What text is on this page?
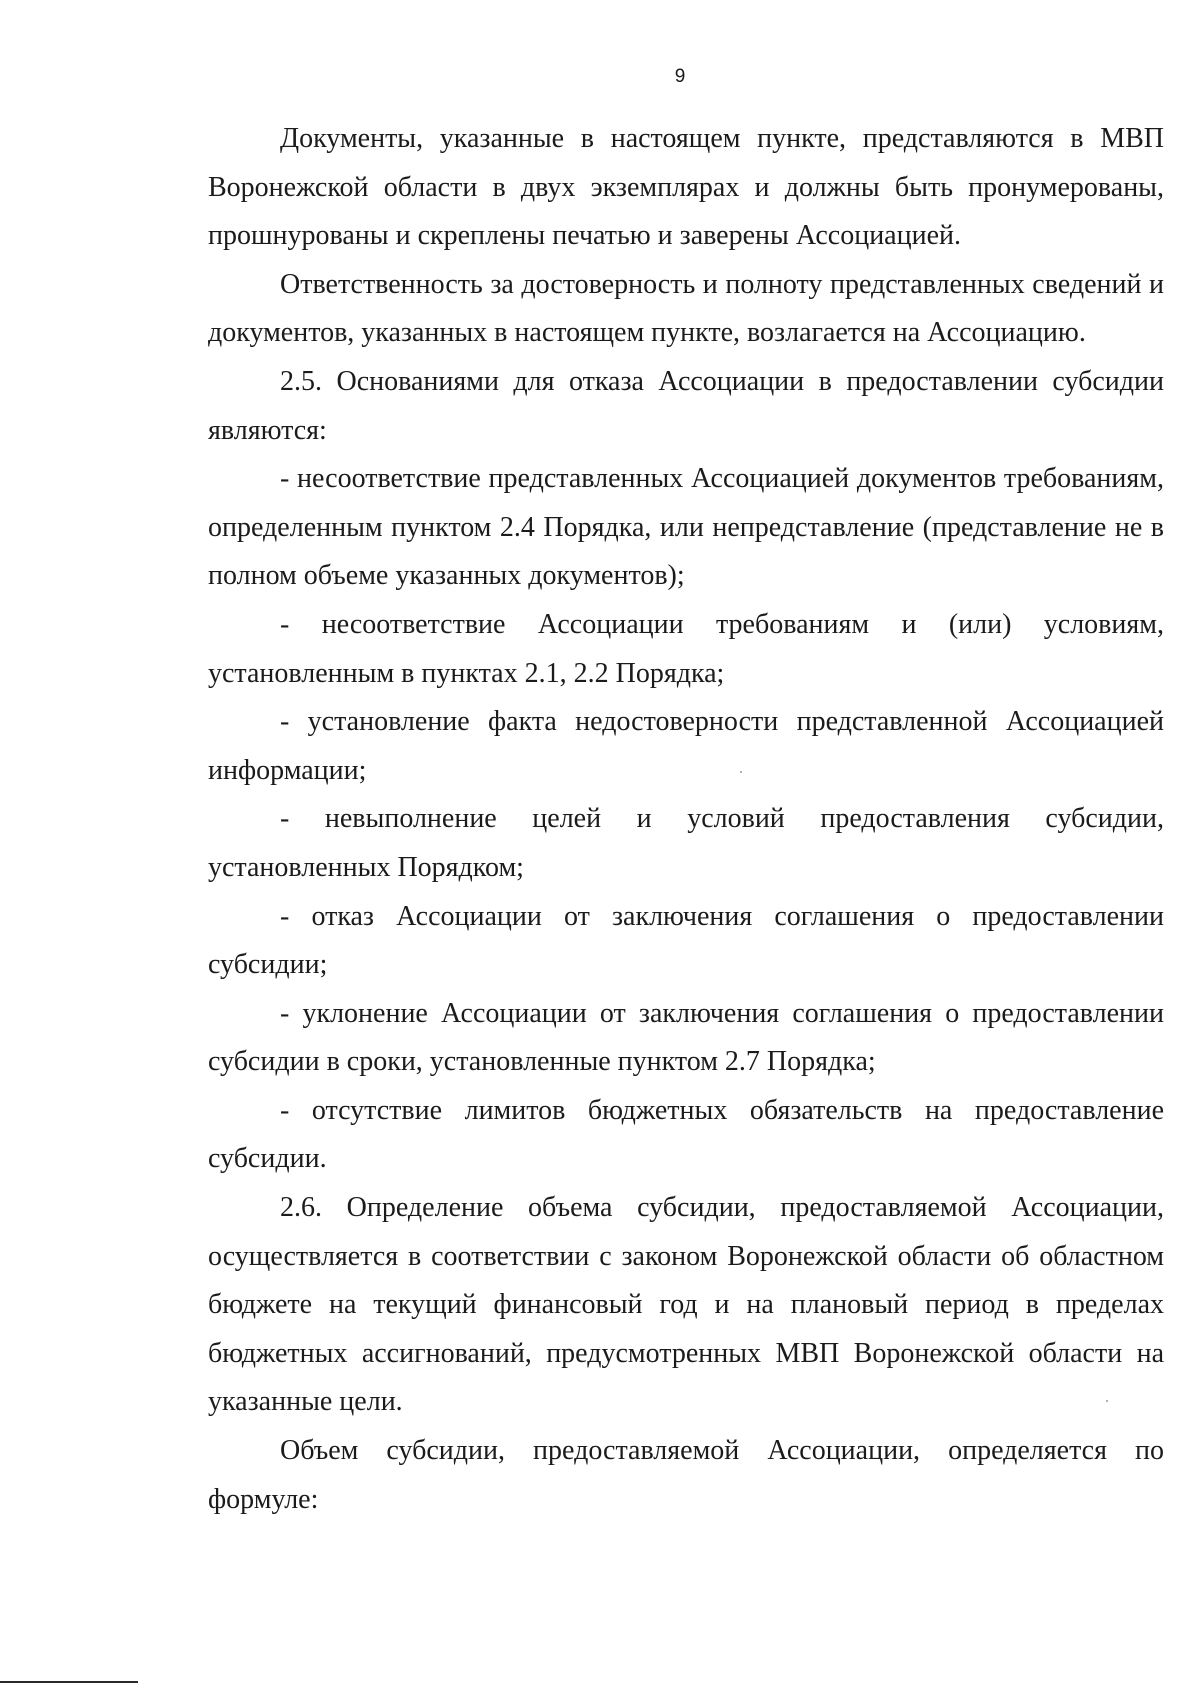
9

Документы, указанные в настоящем пункте, представляются в МВП Воронежской области в двух экземплярах и должны быть пронумерованы, прошнурованы и скреплены печатью и заверены Ассоциацией.

Ответственность за достоверность и полноту представленных сведений и документов, указанных в настоящем пункте, возлагается на Ассоциацию.

2.5. Основаниями для отказа Ассоциации в предоставлении субсидии являются:

- несоответствие представленных Ассоциацией документов требованиям, определенным пунктом 2.4 Порядка, или непредставление (представление не в полном объеме указанных документов);

- несоответствие Ассоциации требованиям и (или) условиям, установленным в пунктах 2.1, 2.2 Порядка;

- установление факта недостоверности представленной Ассоциацией информации;

- невыполнение целей и условий предоставления субсидии, установленных Порядком;

- отказ Ассоциации от заключения соглашения о предоставлении субсидии;

- уклонение Ассоциации от заключения соглашения о предоставлении субсидии в сроки, установленные пунктом 2.7 Порядка;

- отсутствие лимитов бюджетных обязательств на предоставление субсидии.

2.6. Определение объема субсидии, предоставляемой Ассоциации, осуществляется в соответствии с законом Воронежской области об областном бюджете на текущий финансовый год и на плановый период в пределах бюджетных ассигнований, предусмотренных МВП Воронежской области на указанные цели.

Объем субсидии, предоставляемой Ассоциации, определяется по формуле:
